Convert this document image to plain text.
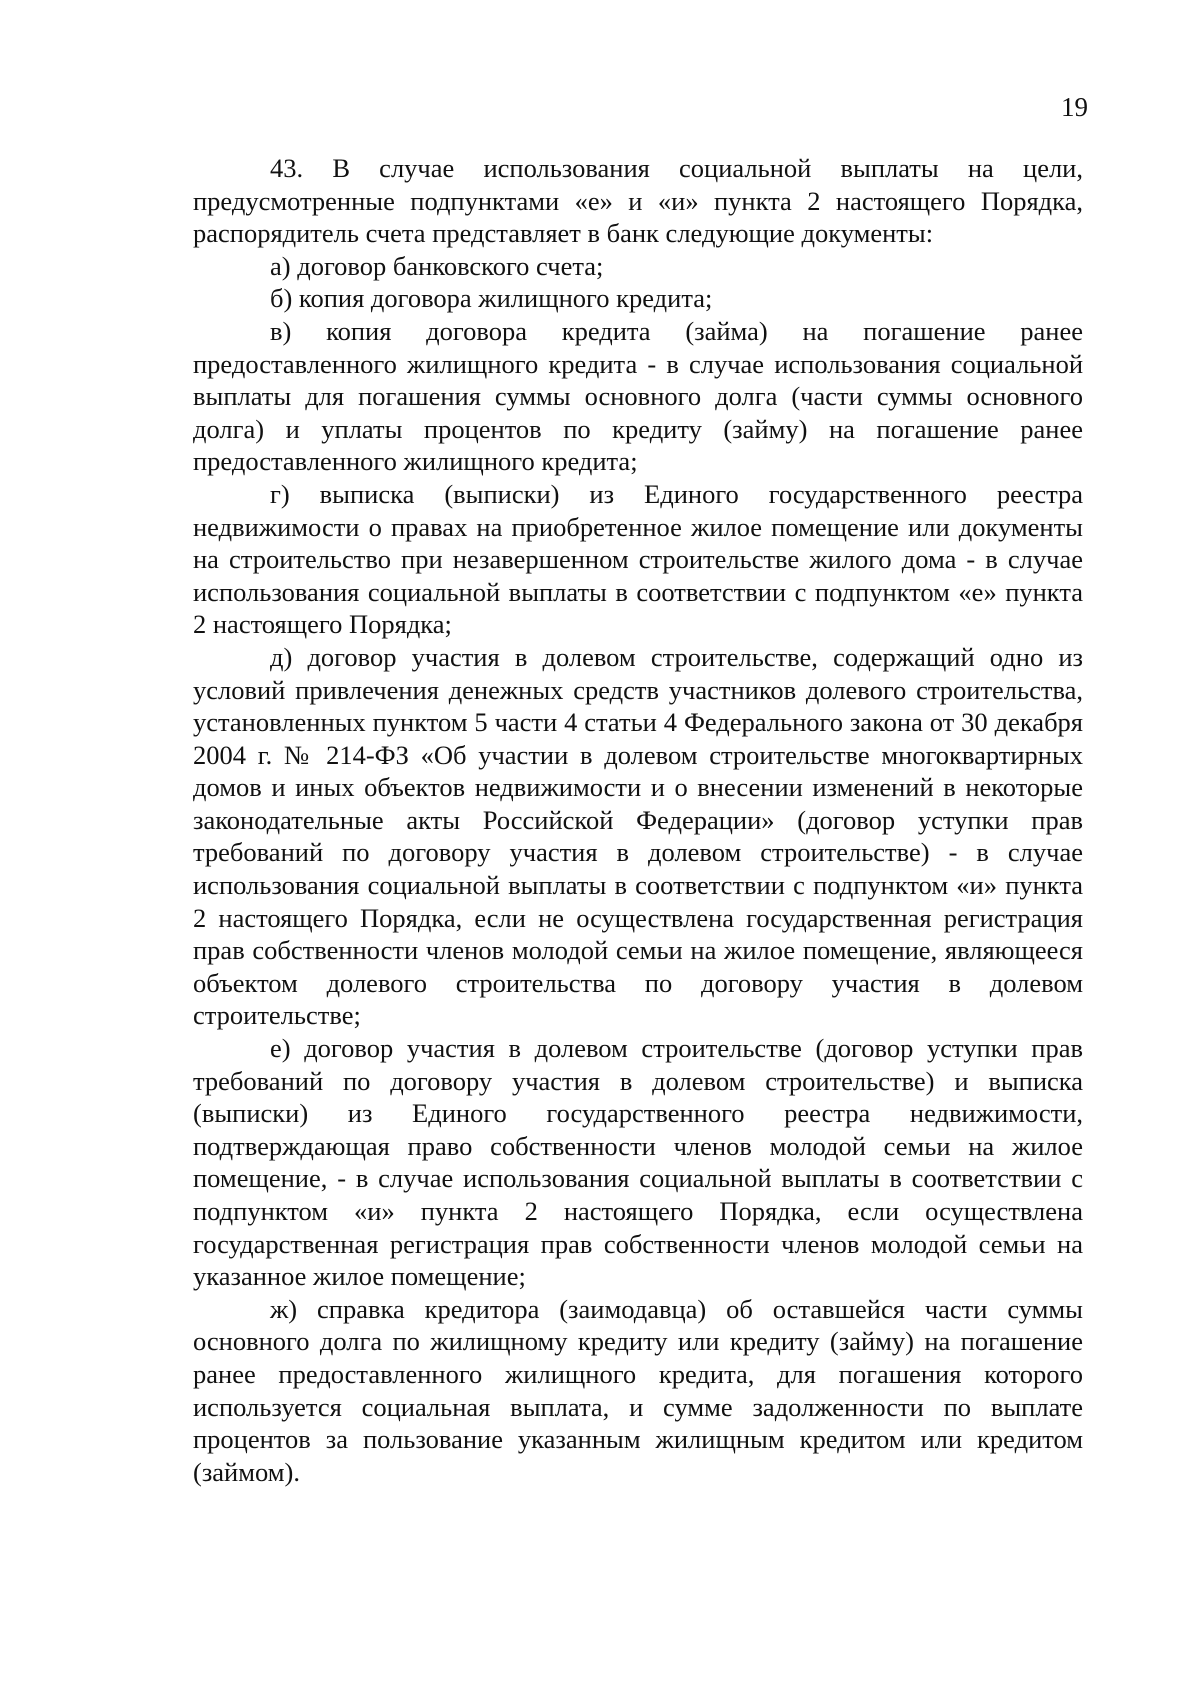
19

43. В случае использования социальной выплаты на цели, предусмотренные подпунктами «е» и «и» пункта 2 настоящего Порядка, распорядитель счета представляет в банк следующие документы:

а) договор банковского счета;

б) копия договора жилищного кредита;

в) копия договора кредита (займа) на погашение ранее предоставленного жилищного кредита - в случае использования социальной выплаты для погашения суммы основного долга (части суммы основного долга) и уплаты процентов по кредиту (займу) на погашение ранее предоставленного жилищного кредита;

г) выписка (выписки) из Единого государственного реестра недвижимости о правах на приобретенное жилое помещение или документы на строительство при незавершенном строительстве жилого дома - в случае использования социальной выплаты в соответствии с подпунктом «е» пункта 2 настоящего Порядка;

д) договор участия в долевом строительстве, содержащий одно из условий привлечения денежных средств участников долевого строительства, установленных пунктом 5 части 4 статьи 4 Федерального закона от 30 декабря 2004 г. № 214-ФЗ «Об участии в долевом строительстве многоквартирных домов и иных объектов недвижимости и о внесении изменений в некоторые законодательные акты Российской Федерации» (договор уступки прав требований по договору участия в долевом строительстве) - в случае использования социальной выплаты в соответствии с подпунктом «и» пункта 2 настоящего Порядка, если не осуществлена государственная регистрация прав собственности членов молодой семьи на жилое помещение, являющееся объектом долевого строительства по договору участия в долевом строительстве;

е) договор участия в долевом строительстве (договор уступки прав требований по договору участия в долевом строительстве) и выписка (выписки) из Единого государственного реестра недвижимости, подтверждающая право собственности членов молодой семьи на жилое помещение, - в случае использования социальной выплаты в соответствии с подпунктом «и» пункта 2 настоящего Порядка, если осуществлена государственная регистрация прав собственности членов молодой семьи на указанное жилое помещение;

ж) справка кредитора (заимодавца) об оставшейся части суммы основного долга по жилищному кредиту или кредиту (займу) на погашение ранее предоставленного жилищного кредита, для погашения которого используется социальная выплата, и сумме задолженности по выплате процентов за пользование указанным жилищным кредитом или кредитом (займом).
